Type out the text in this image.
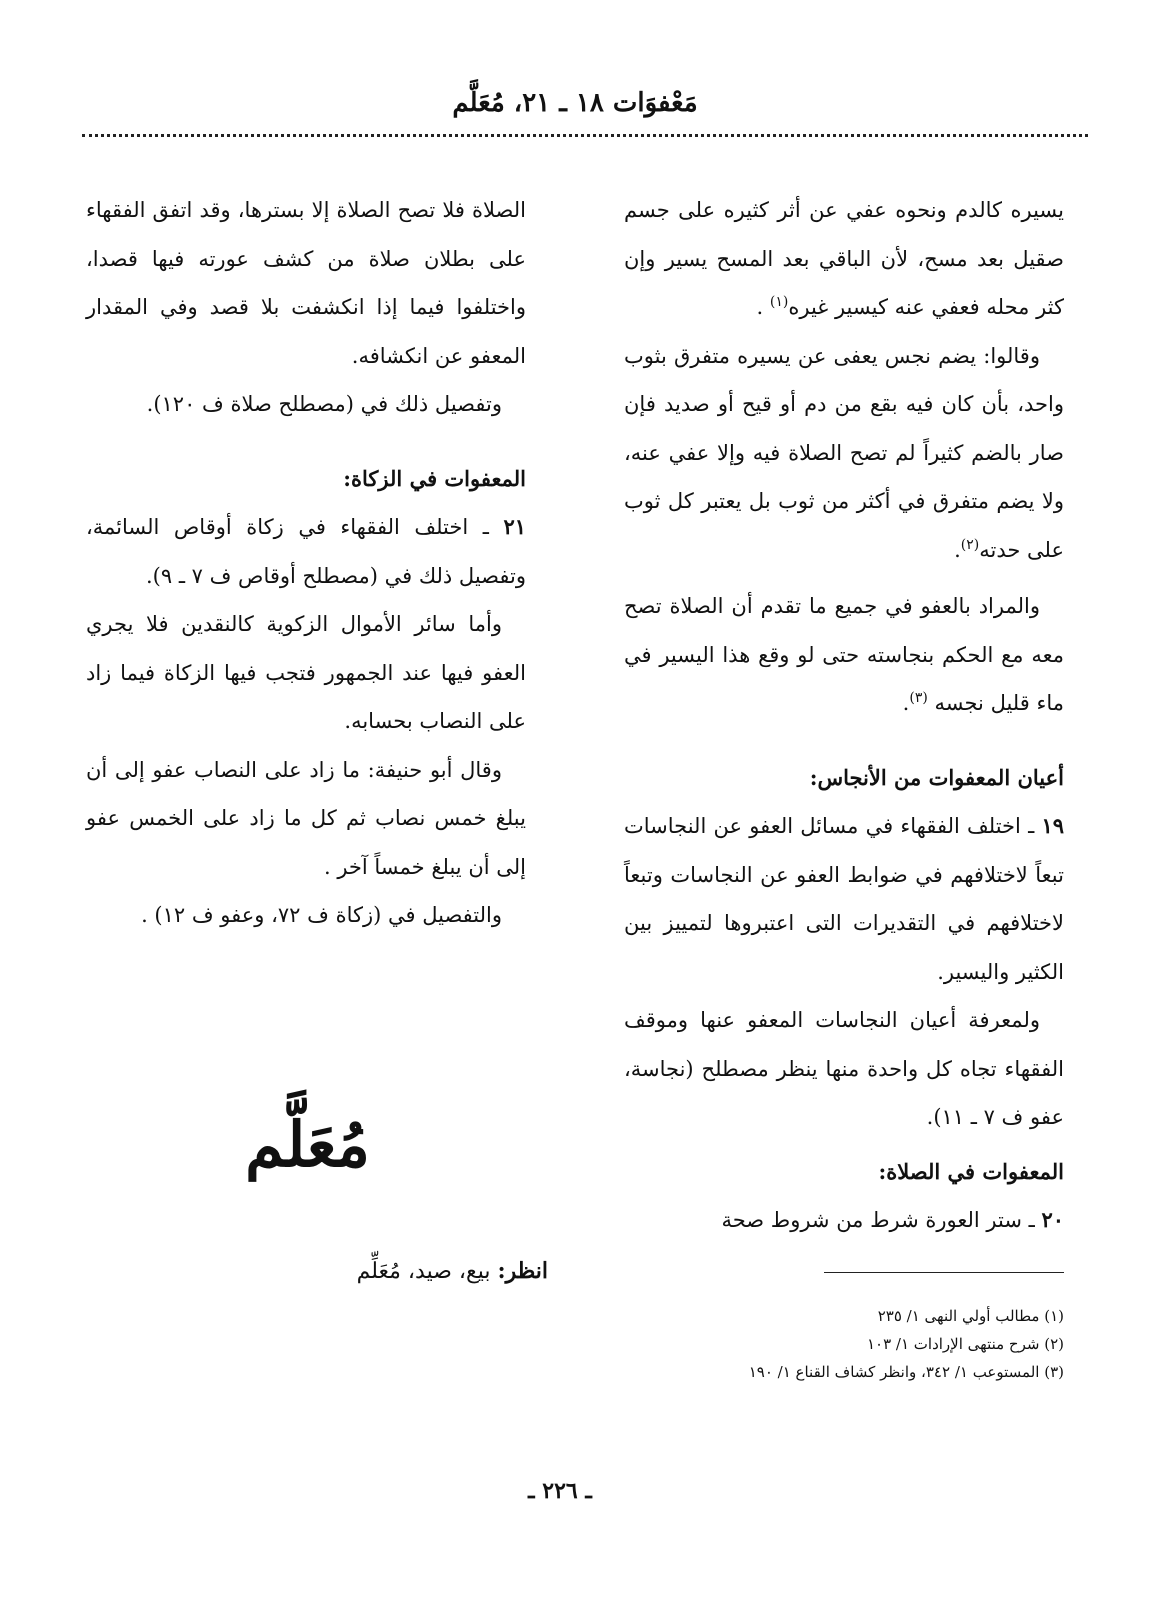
مَعْفوَات ١٨ ـ ٢١، مُعَلَّم

يسيره كالدم ونحوه عفي عن أثر كثيره على جسم صقيل بعد مسح، لأن الباقي بعد المسح يسير وإن كثر محله فعفي عنه كيسير غيره$^{(١)}$ .

وقالوا: يضم نجس يعفى عن يسيره متفرق بثوب واحد، بأن كان فيه بقع من دم أو قيح أو صديد فإن صار بالضم كثيراً لم تصح الصلاة فيه وإلا عفي عنه، ولا يضم متفرق في أكثر من ثوب بل يعتبر كل ثوب على حدته$^{(٢)}$.

والمراد بالعفو في جميع ما تقدم أن الصلاة تصح معه مع الحكم بنجاسته حتى لو وقع هذا اليسير في ماء قليل نجسه $^{(٣)}$.

أعيان المعفوات من الأنجاس:

١٩ ـ اختلف الفقهاء في مسائل العفو عن النجاسات تبعاً لاختلافهم في ضوابط العفو عن النجاسات وتبعاً لاختلافهم في التقديرات التى اعتبروها لتمييز بين الكثير واليسير.

ولمعرفة أعيان النجاسات المعفو عنها وموقف الفقهاء تجاه كل واحدة منها ينظر مصطلح (نجاسة، عفو ف ٧ ـ ١١).

المعفوات في الصلاة:

٢٠ ـ ستر العورة شرط من شروط صحة

الصلاة فلا تصح الصلاة إلا بسترها، وقد اتفق الفقهاء على بطلان صلاة من كشف عورته فيها قصدا، واختلفوا فيما إذا انكشفت بلا قصد وفي المقدار المعفو عن انكشافه.

وتفصيل ذلك في (مصطلح صلاة ف ١٢٠).

المعفوات في الزكاة:

٢١ ـ اختلف الفقهاء في زكاة أوقاص السائمة، وتفصيل ذلك في (مصطلح أوقاص ف ٧ ـ ٩).

وأما سائر الأموال الزكوية كالنقدين فلا يجري العفو فيها عند الجمهور فتجب فيها الزكاة فيما زاد على النصاب بحسابه.

وقال أبو حنيفة: ما زاد على النصاب عفو إلى أن يبلغ خمس نصاب ثم كل ما زاد على الخمس عفو إلى أن يبلغ خمساً آخر .

والتفصيل في (زكاة ف ٧٢، وعفو ف ١٢) .

مُعَلَّم
انظر: بيع، صيد، مُعَلِّم
(١) مطالب أولي النهى ١/ ٢٣٥
(٢) شرح منتهى الإرادات ١/ ١٠٣
(٣) المستوعب ١/ ٣٤٢، وانظر كشاف القناع ١/ ١٩٠
ـ ٢٢٦ ـ
